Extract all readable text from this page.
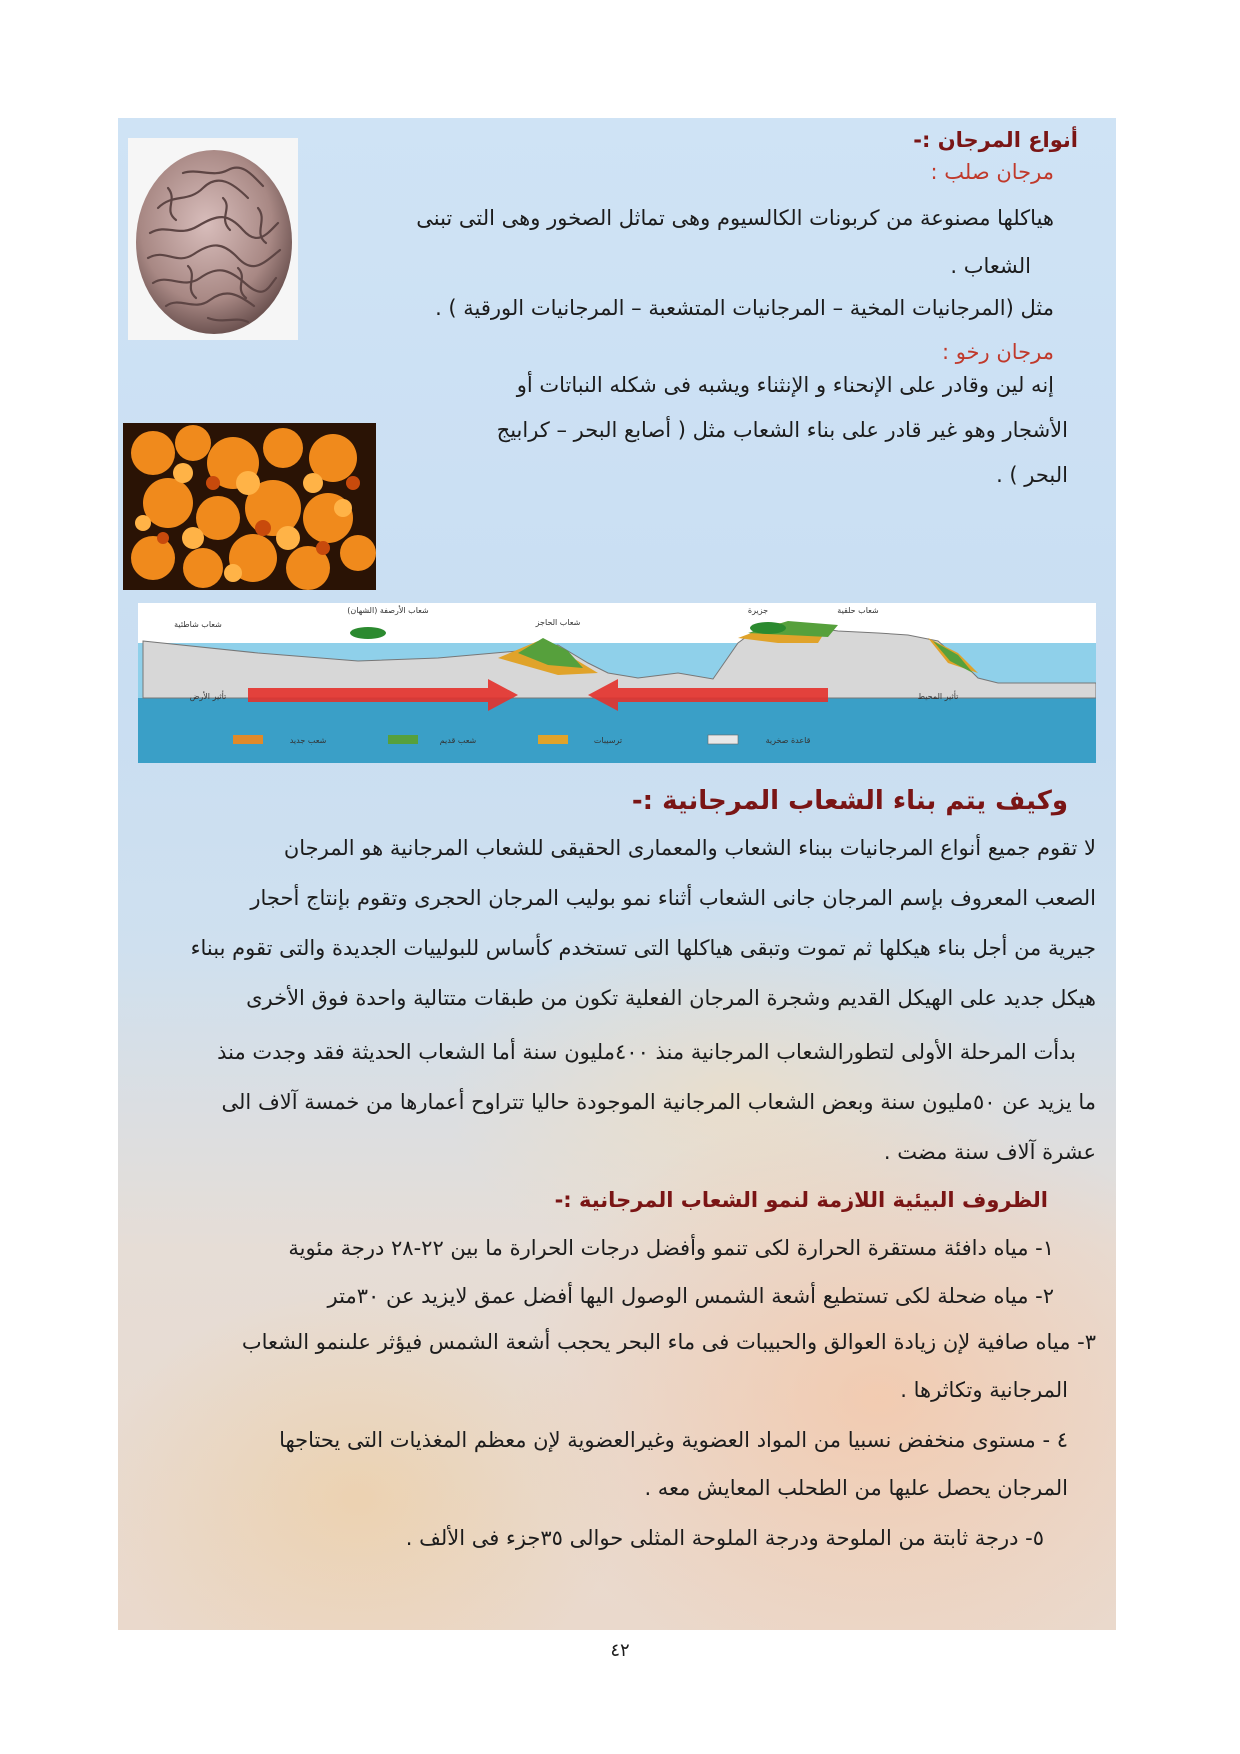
أنواع المرجان :-
مرجان صلب :
هياكلها مصنوعة من كربونات الكالسيوم وهى تماثل الصخور وهى التى تبنى
الشعاب .
مثل (المرجانيات المخية – المرجانيات المتشعبة – المرجانيات الورقية ) .
مرجان رخو :
إنه لين وقادر على الإنحناء و الإنثناء ويشبه فى شكله النباتات أو
الأشجار وهو غير قادر على بناء الشعاب مثل ( أصابع البحر – كرابيج
البحر ) .
شعاب حلقية
جزيرة
شعاب الحاجز
شعاب الأرصفة (الشهان)
شعاب شاطئية
تأثير المحيط
تأثير الأرض
قاعدة صخرية
ترسيبات
شعب قديم
شعب جديد
وكيف يتم بناء الشعاب المرجانية :-
لا تقوم جميع أنواع المرجانيات ببناء الشعاب والمعمارى الحقيقى للشعاب المرجانية هو المرجان
الصعب المعروف بإسم المرجان جانى الشعاب أثناء نمو بوليب المرجان الحجرى وتقوم بإنتاج أحجار
جيرية من أجل بناء هيكلها ثم تموت وتبقى هياكلها التى تستخدم كأساس للبولييات الجديدة والتى تقوم ببناء
هيكل جديد على الهيكل القديم وشجرة المرجان الفعلية تكون من طبقات متتالية واحدة فوق الأخرى
بدأت المرحلة الأولى لتطورالشعاب المرجانية منذ ٤٠٠مليون سنة أما الشعاب الحديثة فقد وجدت منذ
ما يزيد عن ٥٠مليون سنة وبعض الشعاب المرجانية الموجودة حاليا تتراوح أعمارها من خمسة آلاف الى
عشرة آلاف سنة مضت .
الظروف البيئية اللازمة لنمو الشعاب المرجانية :-
١- مياه دافئة مستقرة الحرارة لكى تنمو وأفضل درجات الحرارة ما بين ٢٢-٢٨ درجة مئوية
٢- مياه ضحلة لكى تستطيع أشعة الشمس الوصول اليها أفضل عمق لايزيد عن ٣٠متر
٣- مياه صافية لإن زيادة العوالق والحبيبات فى ماء البحر يحجب أشعة الشمس فيؤثر علىنمو الشعاب
المرجانية وتكاثرها .
٤ - مستوى منخفض نسبيا من المواد العضوية وغيرالعضوية لإن معظم المغذيات التى يحتاجها
المرجان يحصل عليها من الطحلب المعايش معه .
٥- درجة ثابتة من الملوحة ودرجة الملوحة المثلى حوالى ٣٥جزء فى الألف .
٤٢
